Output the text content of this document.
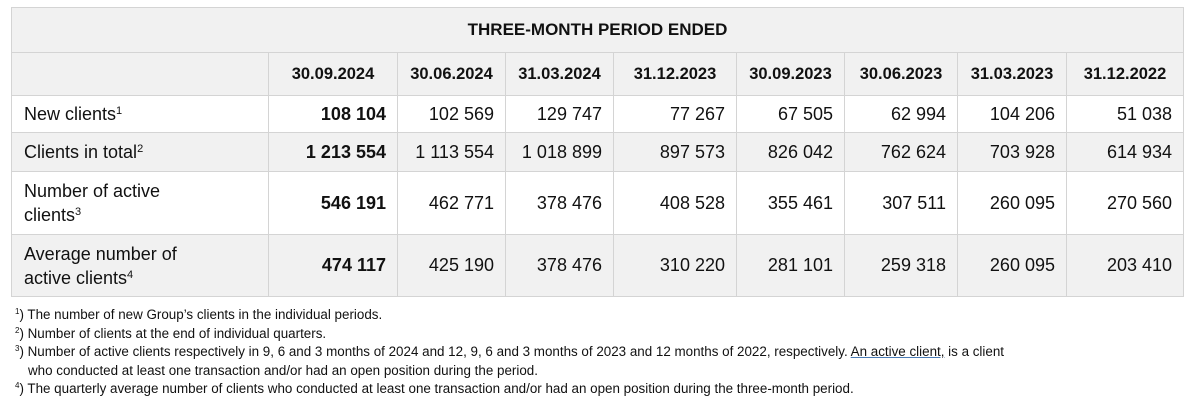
THREE-MONTH PERIOD ENDED								
	30.09.2024	30.06.2024	31.03.2024	31.12.2023	30.09.2023	30.06.2023	31.03.2023	31.12.2022
New clients$^1$	108 104	102 569	129 747	77 267	67 505	62 994	104 206	51 038
Clients in total$^2$	1 213 554	1 113 554	1 018 899	897 573	826 042	762 624	703 928	614 934
Number of active
clients$^3$	546 191	462 771	378 476	408 528	355 461	307 511	260 095	270 560
Average number of
active clients$^4$	474 117	425 190	378 476	310 220	281 101	259 318	260 095	203 410
$^1$) The number of new Group’s clients in the individual periods.
$^2$) Number of clients at the end of individual quarters.
$^3$) Number of active clients respectively in 9, 6 and 3 months of 2024 and 12, 9, 6 and 3 months of 2023 and 12 months of 2022, respectively. An active client, is a client
who conducted at least one transaction and/or had an open position during the period.
$^4$) The quarterly average number of clients who conducted at least one transaction and/or had an open position during the three-month period.
